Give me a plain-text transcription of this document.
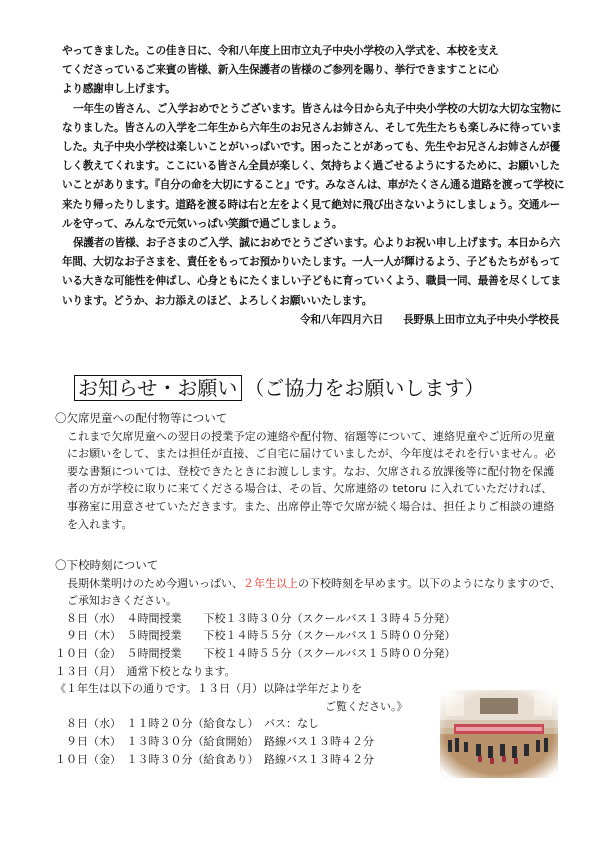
やってきました。この佳き日に、令和八年度上田市立丸子中央小学校の入学式を、本校を支え

てくださっているご来賓の皆様、新入生保護者の皆様のご参列を賜り、挙行できますことに心

より感謝申し上げます。

一年生の皆さん、ご入学おめでとうございます。皆さんは今日から丸子中央小学校の大切な大切な宝物になりました。皆さんの入学を二年生から六年生のお兄さんお姉さん、そして先生たちも楽しみに待っていました。丸子中央小学校は楽しいことがいっぱいです。困ったことがあっても、先生やお兄さんお姉さんが優しく教えてくれます。ここにいる皆さん全員が楽しく、気持ちよく過ごせるようにするために、お願いしたいことがあります。『自分の命を大切にすること』です。みなさんは、車がたくさん通る道路を渡って学校に来たり帰ったりします。道路を渡る時は右と左をよく見て絶対に飛び出さないようにしましょう。交通ルールを守って、みんなで元気いっぱい笑顔で過ごしましょう。

保護者の皆様、お子さまのご入学、誠におめでとうございます。心よりお祝い申し上げます。本日から六年間、大切なお子さまを、責任をもってお預かりいたします。一人一人が輝けるよう、子どもたちがもっている大きな可能性を伸ばし、心身ともにたくましい子どもに育っていくよう、職員一同、最善を尽くしてまいります。どうか、お力添えのほど、よろしくお願いいたします。

令和八年四月六日 長野県上田市立丸子中央小学校長

お知らせ・お願い （ご協力をお願いします）

〇欠席児童への配付物等について

これまで欠席児童への翌日の授業予定の連絡や配付物、宿題等について、連絡児童やご近所の児童にお願いをして、または担任が直接、ご自宅に届けていましたが、今年度はそれを行いません。必要な書類については、登校できたときにお渡しします。なお、欠席される放課後等に配付物を保護者の方が学校に取りに来てくださる場合は、その旨、欠席連絡の tetoru に入れていただければ、事務室に用意させていただきます。また、出席停止等で欠席が続く場合は、担任よりご相談の連絡を入れます。

〇下校時刻について

長期休業明けのため今週いっぱい、２年生以上の下校時刻を早めます。以下のようになりますので、ご承知おきください。

　８日（水）　４時間授業　　下校１３時３０分（スクールバス１３時４５分発）

　９日（木）　５時間授業　　下校１４時５５分（スクールバス１５時００分発）

１０日（金）　５時間授業　　下校１４時５５分（スクールバス１５時００分発）

１３日（月）　通常下校となります。

《１年生は以下の通りです。１３日（月）以降は学年だよりを

ご覧ください。》

　８日（水）　１１時２０分（給食なし）　バス：なし

　９日（木）　１３時３０分（給食開始）　路線バス１３時４２分

１０日（金）　１３時３０分（給食あり）　路線バス１３時４２分
